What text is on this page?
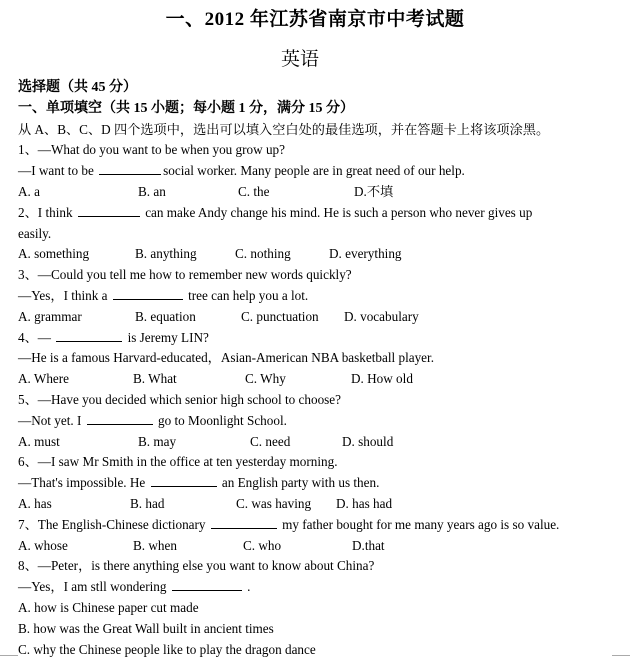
一、2012 年江苏省南京市中考试题
英语
选择题（共 45 分）
一、单项填空（共 15 小题；每小题 1 分，满分 15 分）
从 A、B、C、D 四个选项中，选出可以填入空白处的最佳选项，并在答题卡上将该项涂黑。
1、—What do you want to be when you grow up?
—I want to be	social worker. Many people are in great need of our help.
A. a	B. an	C. the	D.不填
2、I think	can make Andy change his mind. He is such a person who never gives up
easily.
A. something	B. anything	C. nothing	D. everything
3、—Could you tell me how to remember new words quickly?
—Yes，I think a	tree can help you a lot.
A. grammar	B. equation	C. punctuation	D. vocabulary
4、—	is Jeremy LIN?
—He is a famous Harvard-educated，Asian-American NBA basketball player.
A. Where	B. What	C. Why	D. How old
5、—Have you decided which senior high school to choose?
—Not yet. I	go to Moonlight School.
A. must	B. may	C. need	D. should
6、—I saw Mr Smith in the office at ten yesterday morning.
—That's impossible. He	an English party with us then.
A. has	B. had	C. was having	D. has had
7、The English-Chinese dictionary	my father bought for me many years ago is so value.
A. whose	B. when	C. who	D.that
8、—Peter，is there anything else you want to know about China?
—Yes，I am stll wondering	.
A. how is Chinese paper cut made
B. how was the Great Wall built in ancient times
C. why the Chinese people like to play the dragon dance
